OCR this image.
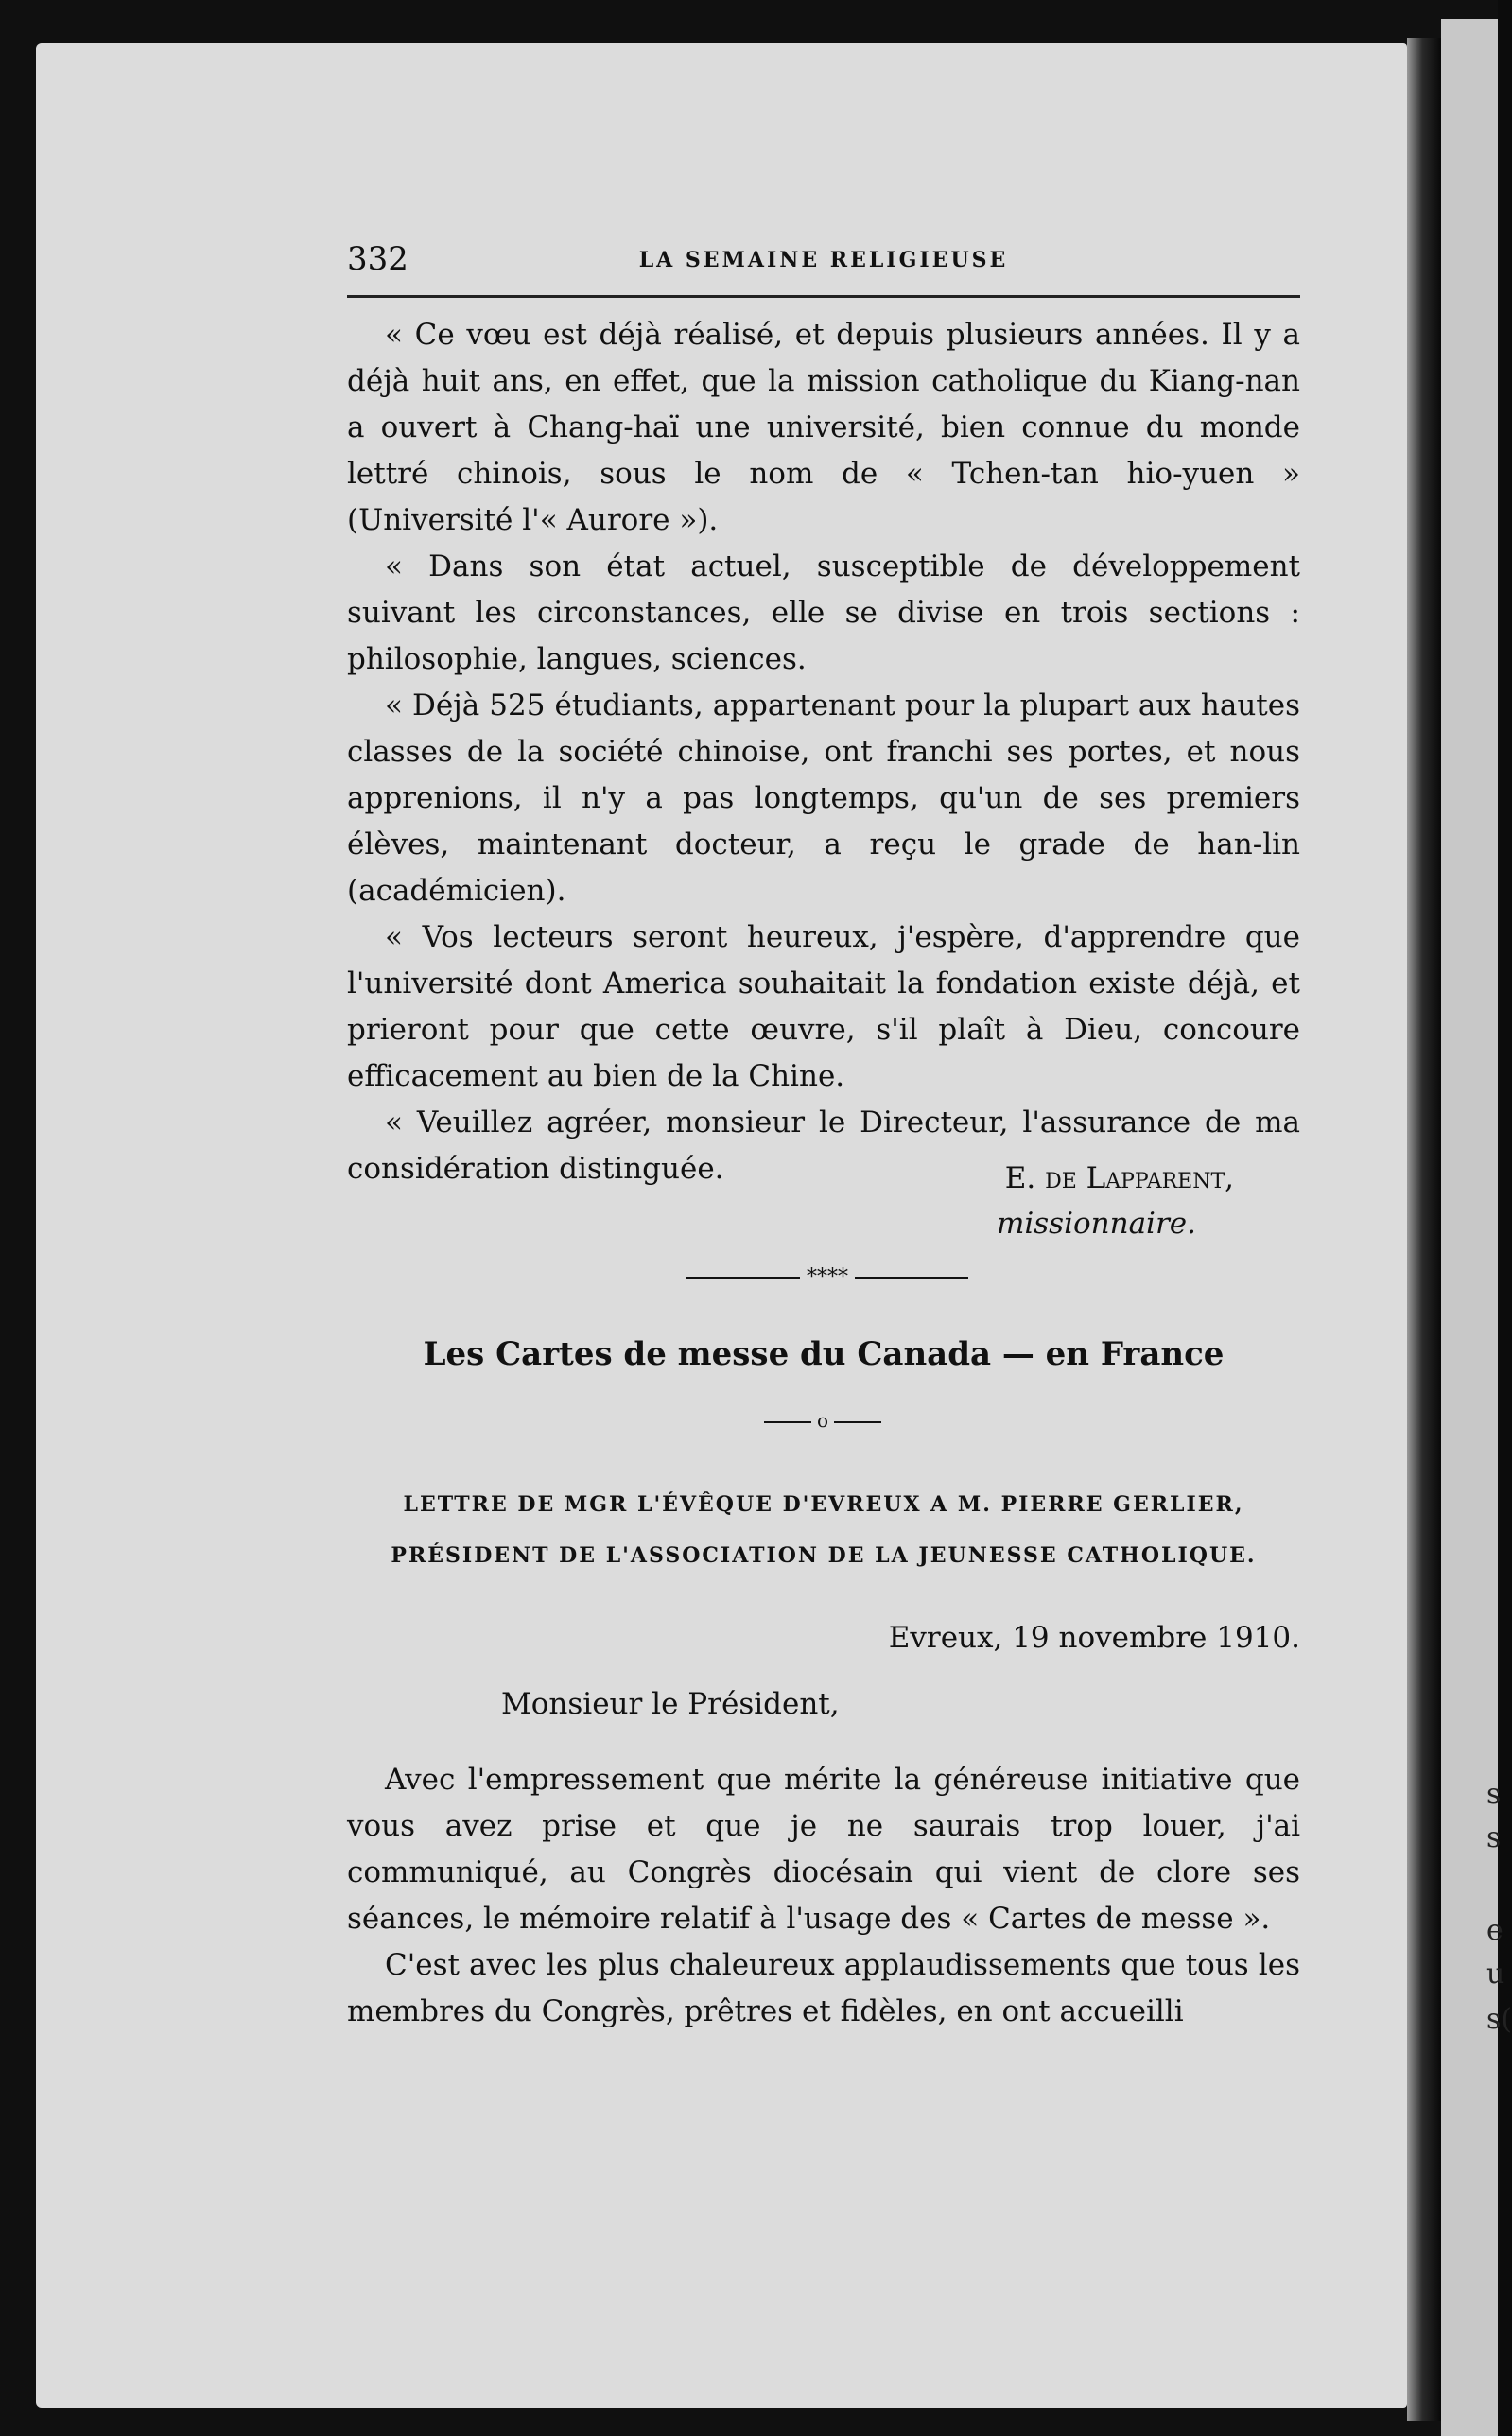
s
s
e
u
s(
332	LA SEMAINE RELIGIEUSE

« Ce vœu est déjà réalisé, et depuis plusieurs années. Il y a déjà huit ans, en effet, que la mission catholique du Kiang-nan a ouvert à Chang-haï une université, bien connue du monde lettré chinois, sous le nom de « Tchen-tan hio-yuen » (Université l'« Aurore »).

« Dans son état actuel, susceptible de développement suivant les circonstances, elle se divise en trois sections : philosophie, langues, sciences.

« Déjà 525 étudiants, appartenant pour la plupart aux hautes classes de la société chinoise, ont franchi ses portes, et nous apprenions, il n'y a pas longtemps, qu'un de ses premiers élèves, maintenant docteur, a reçu le grade de han-lin (académicien).

« Vos lecteurs seront heureux, j'espère, d'apprendre que l'université dont America souhaitait la fondation existe déjà, et prieront pour que cette œuvre, s'il plaît à Dieu, concoure efficacement au bien de la Chine.

« Veuillez agréer, monsieur le Directeur, l'assurance de ma considération distinguée.	E. de Lapparent,
missionnaire.
****
Les Cartes de messe du Canada — en France
o
LETTRE DE MGR L'ÉVÊQUE D'EVREUX A M. PIERRE GERLIER,
PRÉSIDENT DE L'ASSOCIATION DE LA JEUNESSE CATHOLIQUE.
Evreux, 19 novembre 1910.
Monsieur le Président,

Avec l'empressement que mérite la généreuse initiative que vous avez prise et que je ne saurais trop louer, j'ai communiqué, au Congrès diocésain qui vient de clore ses séances, le mémoire relatif à l'usage des « Cartes de messe ».

C'est avec les plus chaleureux applaudissements que tous les membres du Congrès, prêtres et fidèles, en ont accueilli
